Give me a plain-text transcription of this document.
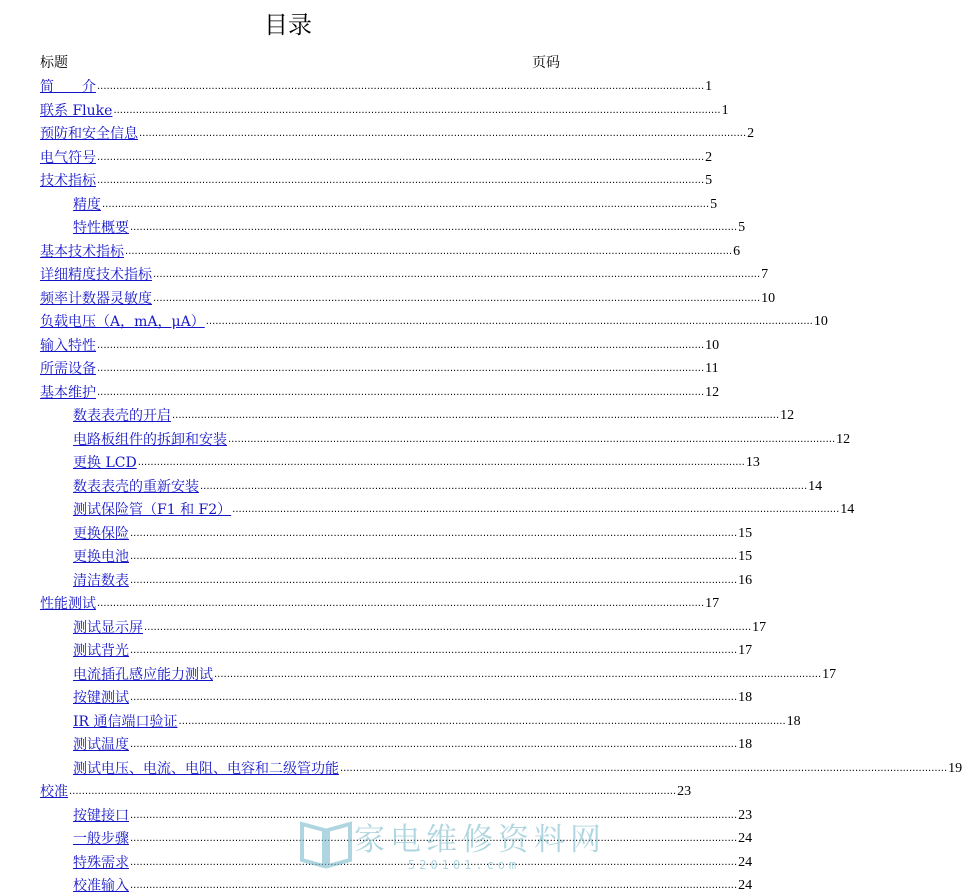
目录
标题	页码
简　　介 .....	1
联系 Fluke .....	1
预防和安全信息 .....	2
电气符号 .....	2
技术指标 .....	5
精度 .....	5
特性概要 .....	5
基本技术指标 .....	6
详细精度技术指标 .....	7
频率计数器灵敏度 .....	10
负载电压（A，mA，μA） .....	10
输入特性 .....	10
所需设备 .....	11
基本维护 .....	12
数表表壳的开启 .....	12
电路板组件的拆卸和安装 .....	12
更换 LCD .....	13
数表表壳的重新安装 .....	14
测试保险管（F1 和 F2） .....	14
更换保险 .....	15
更换电池 .....	15
清洁数表 .....	16
性能测试 .....	17
测试显示屏 .....	17
测试背光 .....	17
电流插孔感应能力测试 .....	17
按键测试 .....	18
IR 通信端口验证 .....	18
测试温度 .....	18
测试电压、电流、电阻、电容和二级管功能 .....	19
校准 .....	23
按键接口 .....	23
一般步骤 .....	24
特殊需求 .....	24
校准输入 .....	24
家电维修资料网
520101.com
